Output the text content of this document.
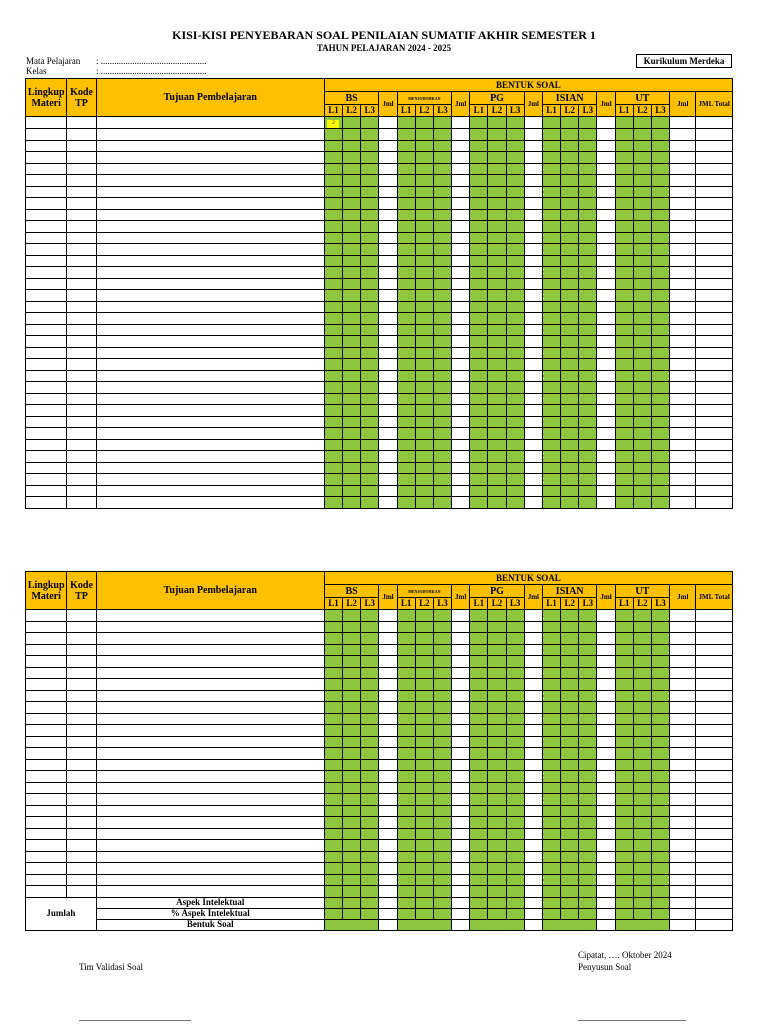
KISI-KISI PENYEBARAN SOAL PENILAIAN SUMATIF AKHIR SEMESTER 1
TAHUN PELAJARAN 2024 - 2025
Mata Pelajaran : ...............................................
Kelas	: ...............................................
Kurikulum Merdeka
Lingkup Materi	Kode TP	Tujuan Pembelajaran	BENTUK SOAL																				
			BS			Jml	MENJODOHKAN			Jml	PG			Jml	ISIAN			Jml	UT			Jml	JML Total
			L1	L2	L3		L1	L2	L3		L1	L2	L3		L1	L2	L3		L1	L2	L3		
			2																				

Lingkup Materi	Kode TP	Tujuan Pembelajaran	BENTUK SOAL																				
			BS			Jml	MENJODOHKAN			Jml	PG			Jml	ISIAN			Jml	UT			Jml	JML Total
			L1	L2	L3		L1	L2	L3		L1	L2	L3		L1	L2	L3		L1	L2	L3		

Jumlah		Aspek Intelektual																					
		% Aspek Intelektual																					
		Bentuk Soal																					
Cipatat, …. Oktober 2024
Penyusun Soal
Tim Validasi Soal
